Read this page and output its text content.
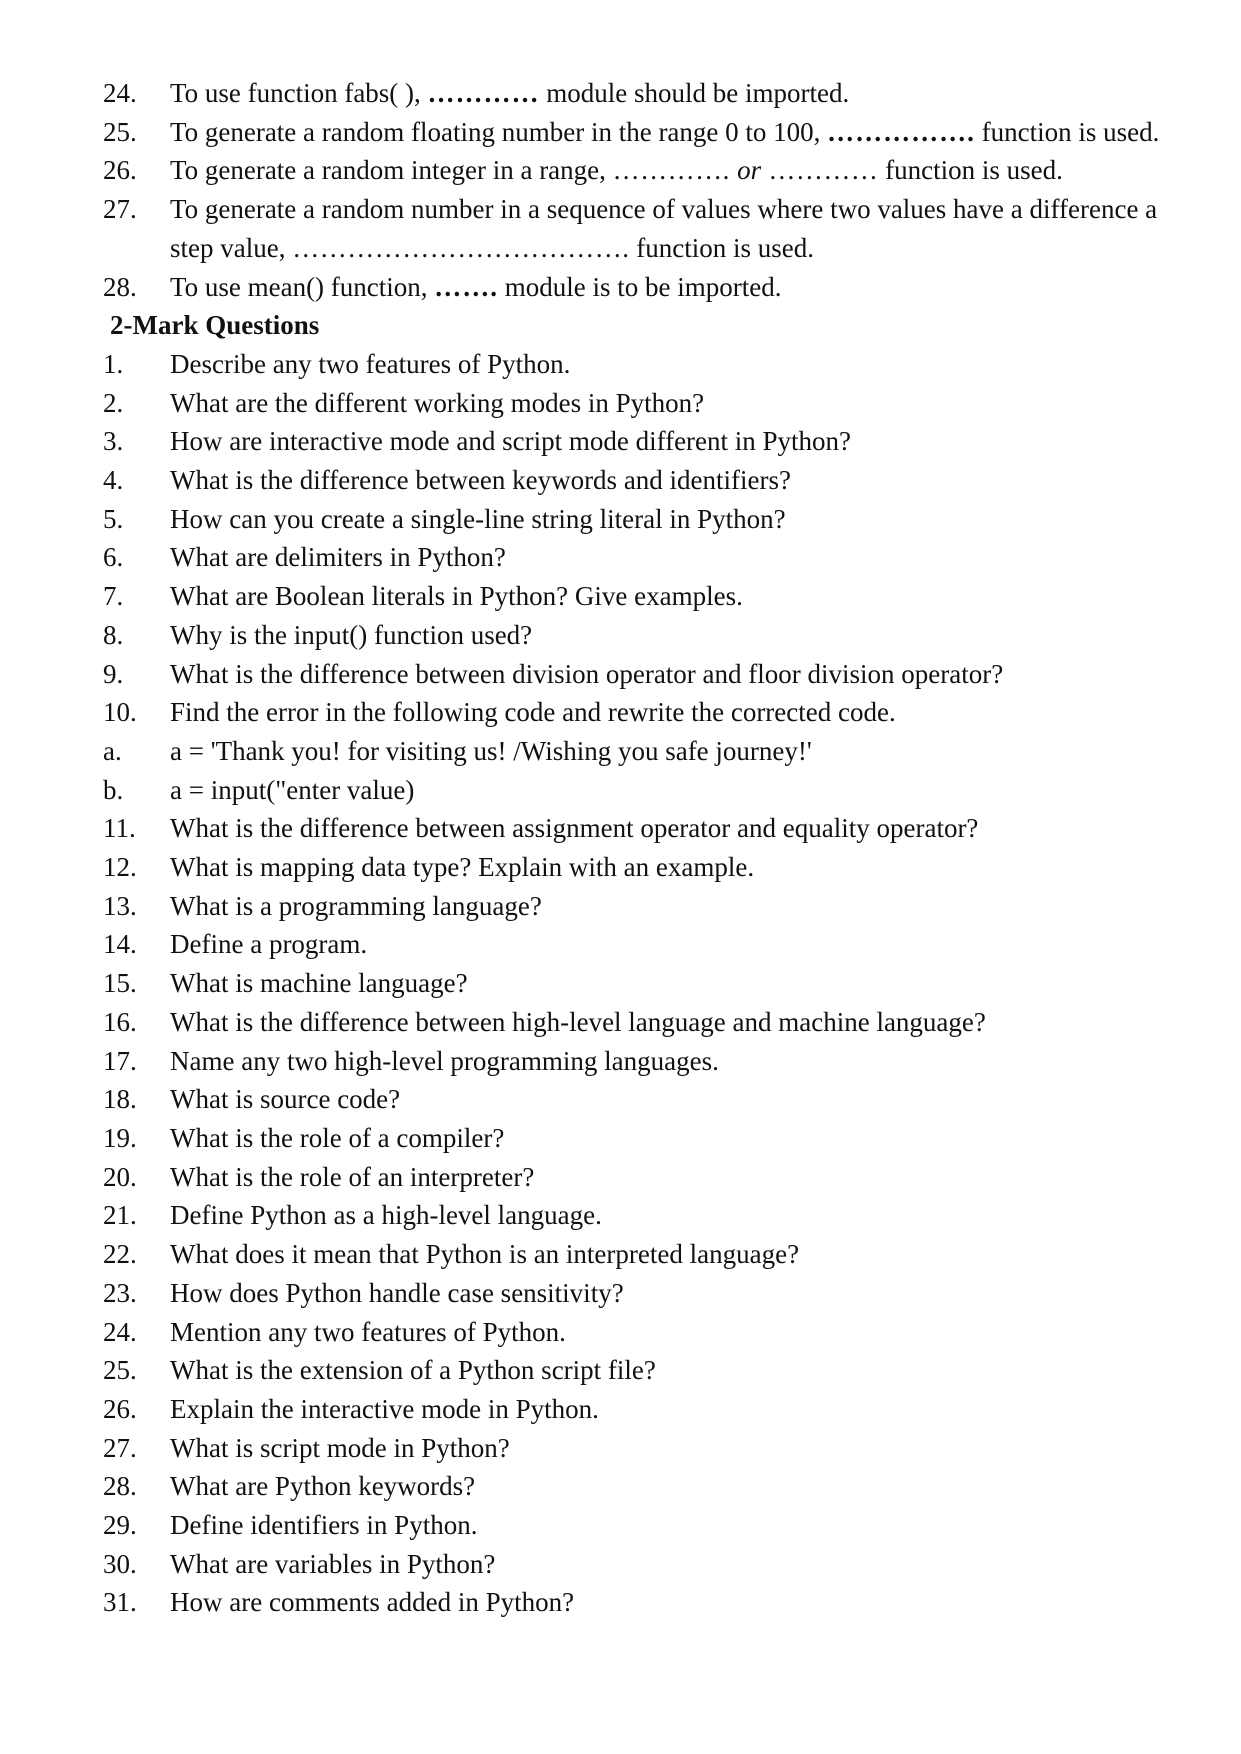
24. To use function fabs( ), ………… module should be imported.
25. To generate a random floating number in the range 0 to 100, ……………. function is used.
26. To generate a random integer in a range, …………. or ………… function is used.
27. To generate a random number in a sequence of values where two values have a difference a step value, ………………………………. function is used.
28. To use mean() function, ……. module is to be imported.
2-Mark Questions
1. Describe any two features of Python.
2. What are the different working modes in Python?
3. How are interactive mode and script mode different in Python?
4. What is the difference between keywords and identifiers?
5. How can you create a single-line string literal in Python?
6. What are delimiters in Python?
7. What are Boolean literals in Python? Give examples.
8. Why is the input() function used?
9. What is the difference between division operator and floor division operator?
10. Find the error in the following code and rewrite the corrected code.
a. a = 'Thank you! for visiting us! /Wishing you safe journey!'
b. a = input("enter value)
11. What is the difference between assignment operator and equality operator?
12. What is mapping data type? Explain with an example.
13. What is a programming language?
14. Define a program.
15. What is machine language?
16. What is the difference between high-level language and machine language?
17. Name any two high-level programming languages.
18. What is source code?
19. What is the role of a compiler?
20. What is the role of an interpreter?
21. Define Python as a high-level language.
22. What does it mean that Python is an interpreted language?
23. How does Python handle case sensitivity?
24. Mention any two features of Python.
25. What is the extension of a Python script file?
26. Explain the interactive mode in Python.
27. What is script mode in Python?
28. What are Python keywords?
29. Define identifiers in Python.
30. What are variables in Python?
31. How are comments added in Python?
